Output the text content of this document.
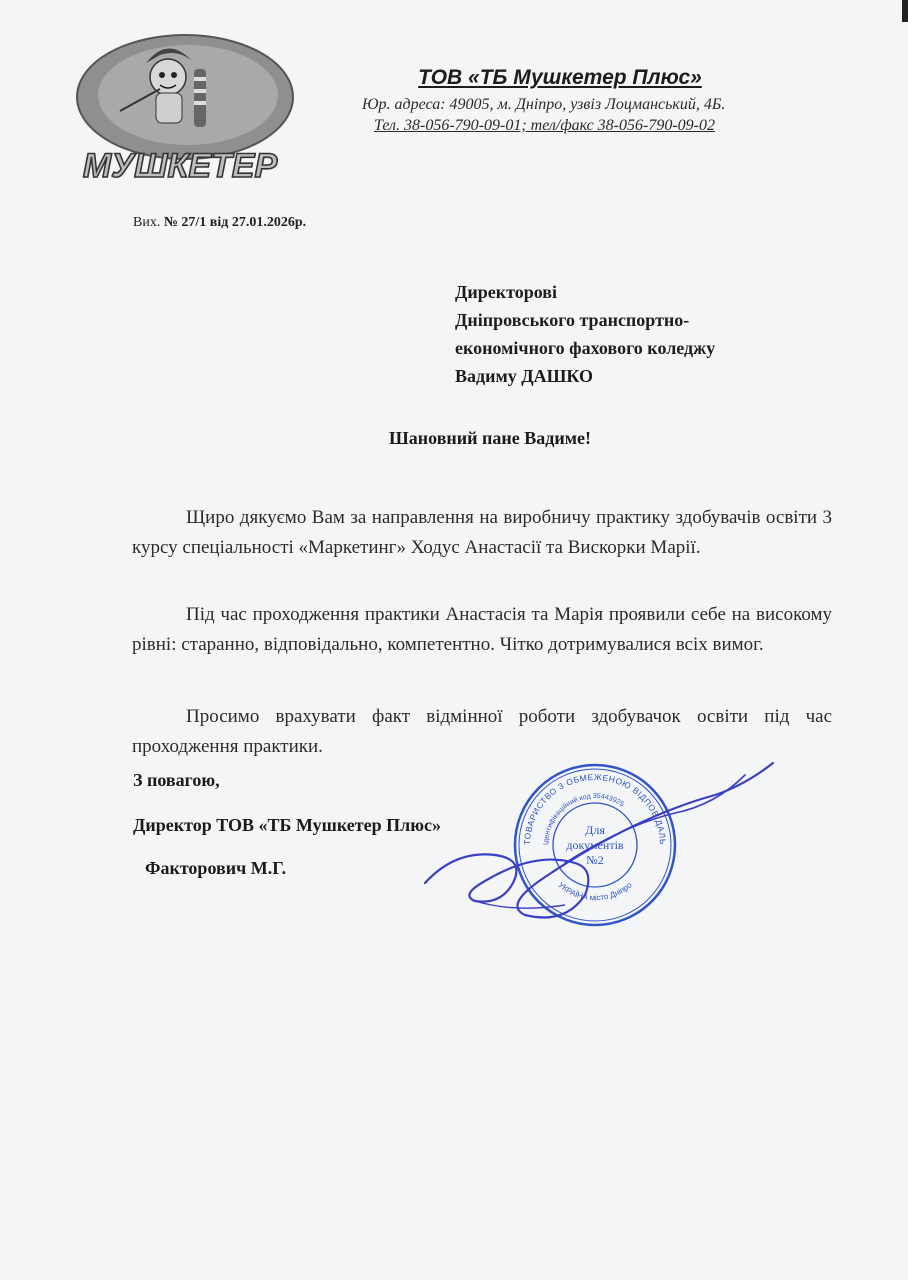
МУШКЕТЕР
ТОВ «ТБ Мушкетер Плюс»
Юр. адреса: 49005, м. Дніпро, узвіз Лоцманський, 4Б.
Тел. 38-056-790-09-01; тел/факс 38-056-790-09-02
Вих. № 27/1 від 27.01.2026р.
Директорові
Дніпровського транспортно-
економічного фахового коледжу
Вадиму ДАШКО
Шановний пане Вадиме!
Щиро дякуємо Вам за направлення на виробничу практику здобувачів освіти 3 курсу спеціальності «Маркетинг» Ходус Анастасії та Вискорки Марії.
Під час проходження практики Анастасія та Марія проявили себе на високому рівні: старанно, відповідально, компетентно. Чітко дотримувалися всіх вимог.
Просимо врахувати факт відмінної роботи здобувачок освіти під час проходження практики.
З повагою,
Директор ТОВ «ТБ Мушкетер Плюс»
Факторович М.Г.
ТОВАРИСТВО З ОБМЕЖЕНОЮ ВІДПОВІДАЛЬ
УКРАЇНА місто Дніпро
Ідентифікаційний код 35443925
Для
документів
№2
